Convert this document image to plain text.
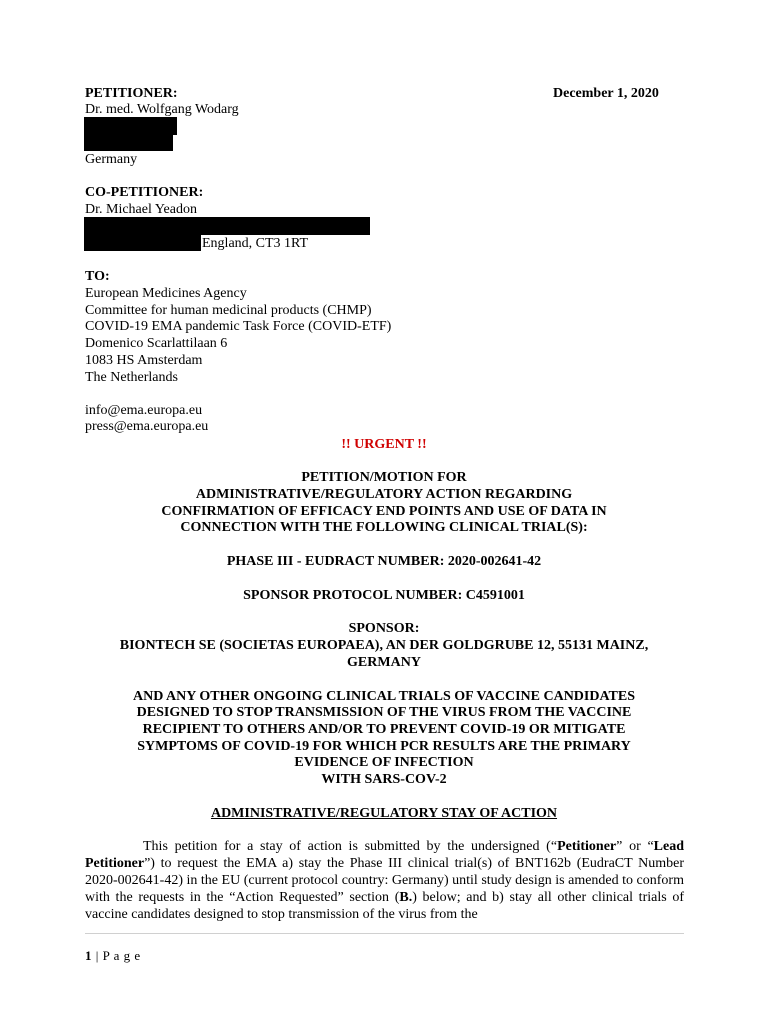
PETITIONER:	December 1, 2020
Dr. med. Wolfgang Wodarg
Germany
CO-PETITIONER:
Dr. Michael Yeadon
England, CT3 1RT
TO:
European Medicines Agency
Committee for human medicinal products (CHMP)
COVID-19 EMA pandemic Task Force (COVID-ETF)
Domenico Scarlattilaan 6
1083 HS Amsterdam
The Netherlands
info@ema.europa.eu
press@ema.europa.eu
!! URGENT !!
PETITION/MOTION FOR
ADMINISTRATIVE/REGULATORY ACTION REGARDING
CONFIRMATION OF EFFICACY END POINTS AND USE OF DATA IN
CONNECTION WITH THE FOLLOWING CLINICAL TRIAL(S):
PHASE III - EUDRACT NUMBER: 2020-002641-42
SPONSOR PROTOCOL NUMBER: C4591001
SPONSOR:
BIONTECH SE (SOCIETAS EUROPAEA), AN DER GOLDGRUBE 12, 55131 MAINZ,
GERMANY
AND ANY OTHER ONGOING CLINICAL TRIALS OF VACCINE CANDIDATES
DESIGNED TO STOP TRANSMISSION OF THE VIRUS FROM THE VACCINE
RECIPIENT TO OTHERS AND/OR TO PREVENT COVID-19 OR MITIGATE
SYMPTOMS OF COVID-19 FOR WHICH PCR RESULTS ARE THE PRIMARY
EVIDENCE OF INFECTION
WITH SARS-COV-2
ADMINISTRATIVE/REGULATORY STAY OF ACTION
This petition for a stay of action is submitted by the undersigned (“Petitioner” or “Lead Petitioner”) to request the EMA a) stay the Phase III clinical trial(s) of BNT162b (EudraCT Number 2020-002641-42) in the EU (current protocol country: Germany) until study design is amended to conform with the requests in the “Action Requested” section (B.) below; and b) stay all other clinical trials of vaccine candidates designed to stop transmission of the virus from the
1 | P a g e
